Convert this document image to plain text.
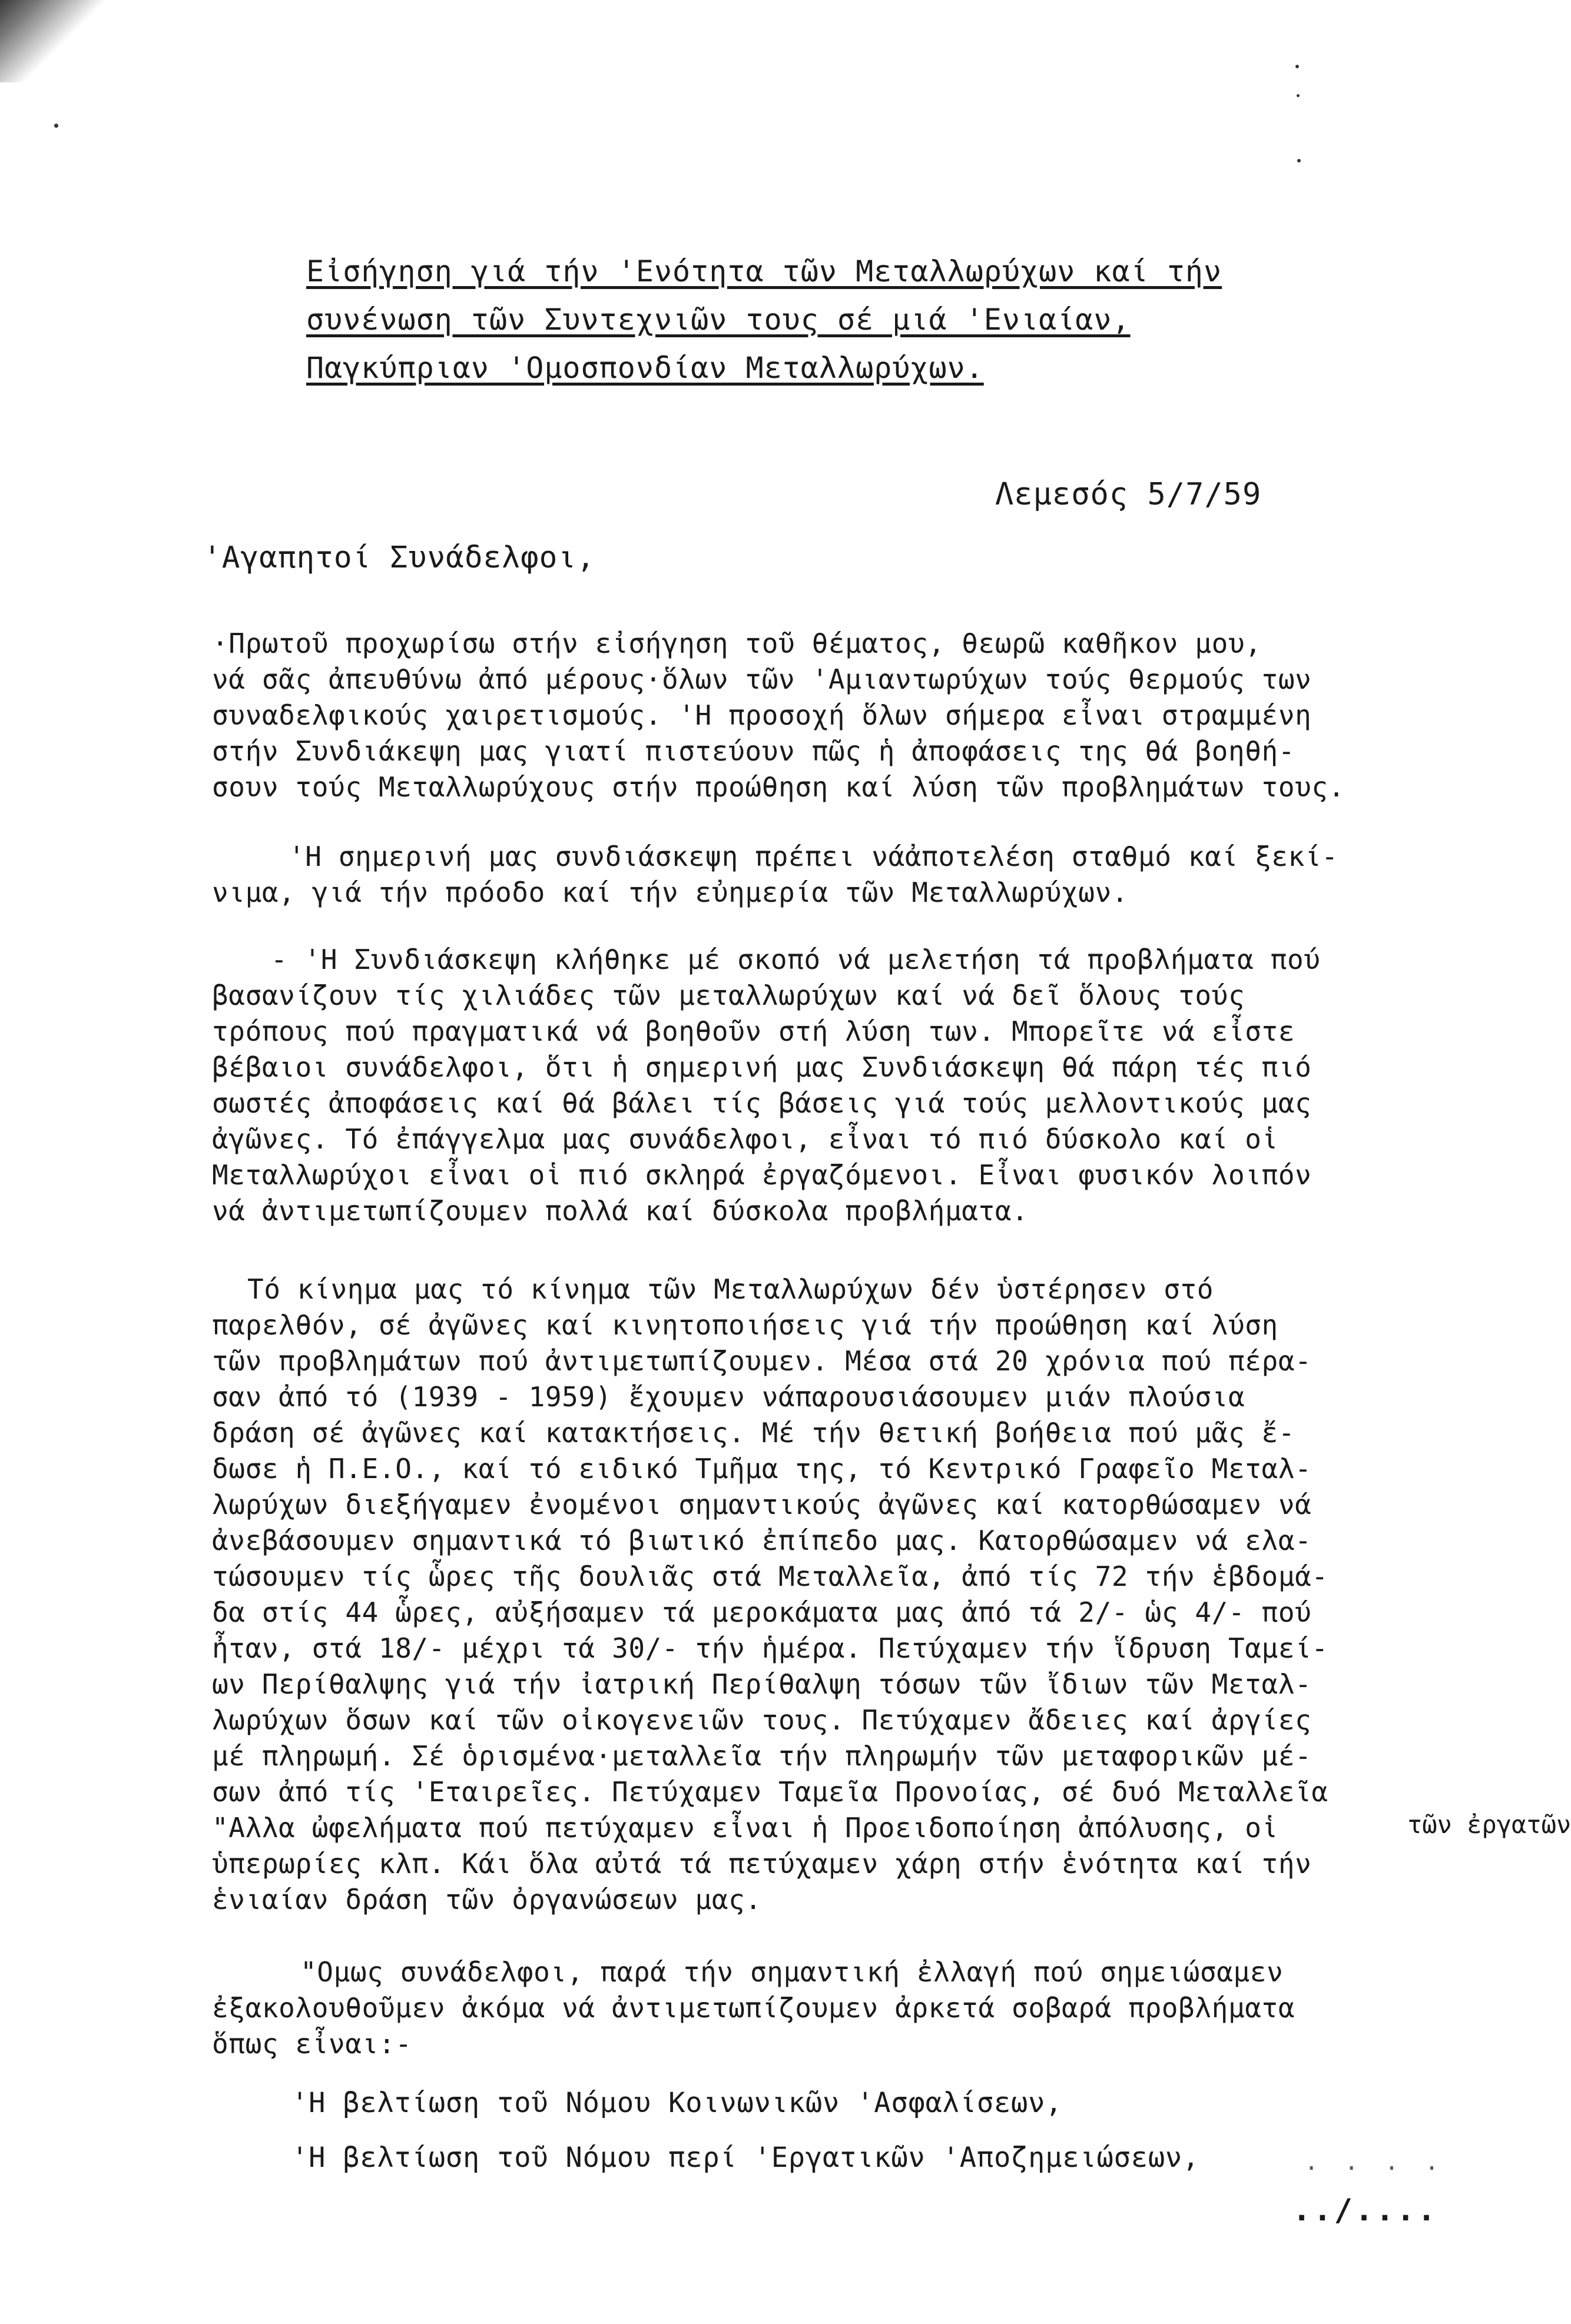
Εἰσήγηση γιά τήν 'Ενότητα τῶν Μεταλλωρύχων καί τήν
συνένωση τῶν Συντεχνιῶν τους σέ μιά 'Ενιαίαν,
Παγκύπριαν 'Ομοσπονδίαν Μεταλλωρύχων.
Λεμεσός 5/7/59
'Αγαπητοί Συνάδελφοι,
·Πρωτοῦ προχωρίσω στήν εἰσήγηση τοῦ θέματος, θεωρῶ καθῆκον μου,
νά σᾶς ἀπευθύνω ἀπό μέρους·ὅλων τῶν 'Αμιαντωρύχων τούς θερμούς των
συναδελφικούς χαιρετισμούς. 'Η προσοχή ὅλων σήμερα εἶναι στραμμένη
στήν Συνδιάκεψη μας γιατί πιστεύουν πῶς ἡ ἀποφάσεις της θά βοηθή-
σουν τούς Μεταλλωρύχους στήν προώθηση καί λύση τῶν προβλημάτων τους.
'Η σημερινή μας συνδιάσκεψη πρέπει νάἀποτελέση σταθμό καί ξεκί-
νιμα, γιά τήν πρόοδο καί τήν εὐημερία τῶν Μεταλλωρύχων.
- 'Η Συνδιάσκεψη κλήθηκε μέ σκοπό νά μελετήση τά προβλήματα πού
βασανίζουν τίς χιλιάδες τῶν μεταλλωρύχων καί νά δεῖ ὅλους τούς
τρόπους πού πραγματικά νά βοηθοῦν στή λύση των. Μπορεῖτε νά εἶστε
βέβαιοι συνάδελφοι, ὅτι ἡ σημερινή μας Συνδιάσκεψη θά πάρη τές πιό
σωστές ἀποφάσεις καί θά βάλει τίς βάσεις γιά τούς μελλοντικούς μας
ἀγῶνες. Τό ἐπάγγελμα μας συνάδελφοι, εἶναι τό πιό δύσκολο καί οἱ
Μεταλλωρύχοι εἶναι οἱ πιό σκληρά ἐργαζόμενοι. Εἶναι φυσικόν λοιπόν
νά ἀντιμετωπίζουμεν πολλά καί δύσκολα προβλήματα.
Τό κίνημα μας τό κίνημα τῶν Μεταλλωρύχων δέν ὑστέρησεν στό
παρελθόν, σέ ἀγῶνες καί κινητοποιήσεις γιά τήν προώθηση καί λύση
τῶν προβλημάτων πού ἀντιμετωπίζουμεν. Μέσα στά 20 χρόνια πού πέρα-
σαν ἀπό τό (1939 - 1959) ἔχουμεν νάπαρουσιάσουμεν μιάν πλούσια
δράση σέ ἀγῶνες καί κατακτήσεις. Μέ τήν θετική βοήθεια πού μᾶς ἔ-
δωσε ἡ Π.Ε.Ο., καί τό ειδικό Τμῆμα της, τό Κεντρικό Γραφεῖο Μεταλ-
λωρύχων διεξήγαμεν ἐνομένοι σημαντικούς ἀγῶνες καί κατορθώσαμεν νά
ἀνεβάσουμεν σημαντικά τό βιωτικό ἐπίπεδο μας. Κατορθώσαμεν νά ελα-
τώσουμεν τίς ὧρες τῆς δουλιᾶς στά Μεταλλεῖα, ἀπό τίς 72 τήν ἑβδομά-
δα στίς 44 ὧρες, αὐξήσαμεν τά μεροκάματα μας ἀπό τά 2/- ὡς 4/- πού
ἦταν, στά 18/- μέχρι τά 30/- τήν ἡμέρα. Πετύχαμεν τήν ἵδρυση Ταμεί-
ων Περίθαλψης γιά τήν ἰατρική Περίθαλψη τόσων τῶν ἴδιων τῶν Μεταλ-
λωρύχων ὅσων καί τῶν οἰκογενειῶν τους. Πετύχαμεν ἄδειες καί ἀργίες
μέ πληρωμή. Σέ ὁρισμένα·μεταλλεῖα τήν πληρωμήν τῶν μεταφορικῶν μέ-
σων ἀπό τίς 'Εταιρεῖες. Πετύχαμεν Ταμεῖα Προνοίας, σέ δυό Μεταλλεῖα
"Αλλα ὠφελήματα πού πετύχαμεν εἶναι ἡ Προειδοποίηση ἀπόλυσης, οἱ
ὑπερωρίες κλπ. Κάι ὅλα αὐτά τά πετύχαμεν χάρη στήν ἑνότητα καί τήν
ἑνιαίαν δράση τῶν ὀργανώσεων μας.
τῶν ἐργατῶν
"Ομως συνάδελφοι, παρά τήν σημαντική ἐλλαγή πού σημειώσαμεν
ἐξακολουθοῦμεν ἀκόμα νά ἀντιμετωπίζουμεν ἀρκετά σοβαρά προβλήματα
ὅπως εἶναι:-
'Η βελτίωση τοῦ Νόμου Κοινωνικῶν 'Ασφαλίσεων,
'Η βελτίωση τοῦ Νόμου περί 'Εργατικῶν 'Αποζημειώσεων,	. . . .
../....
